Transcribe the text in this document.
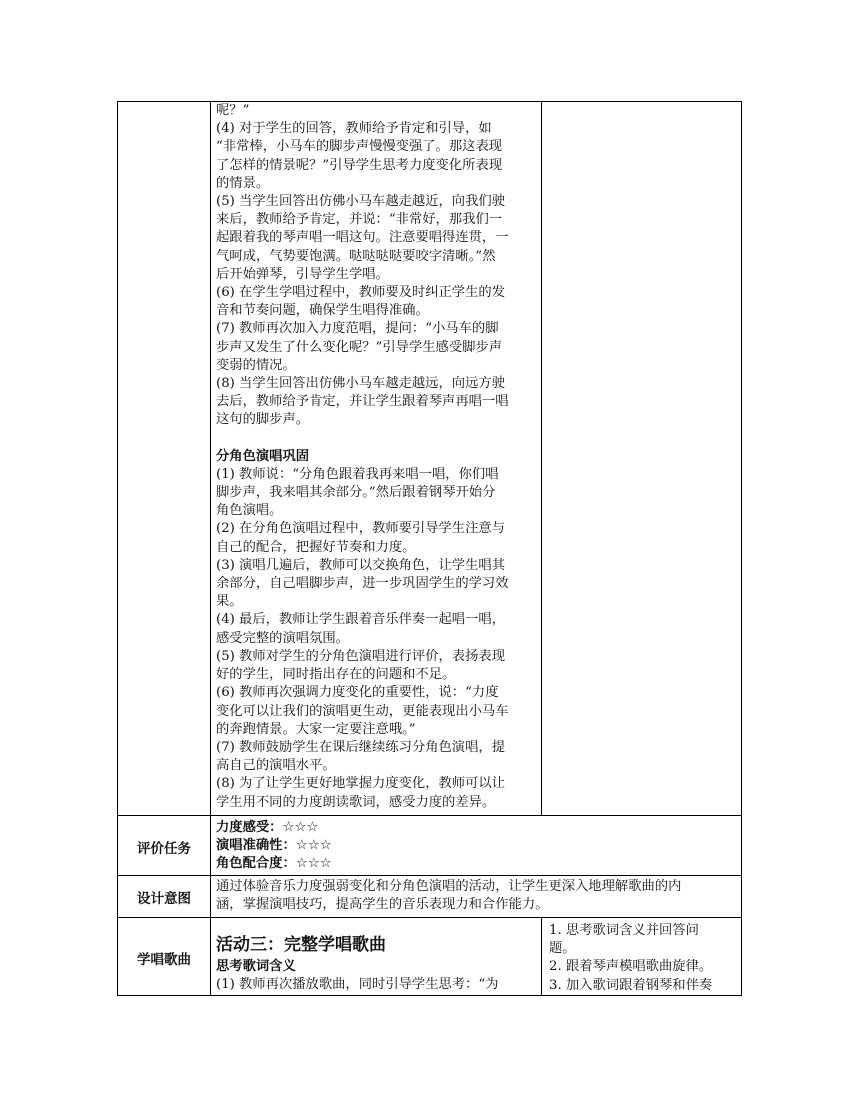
呢？”

(4) 对于学生的回答，教师给予肯定和引导，如

“非常棒，小马车的脚步声慢慢变强了。那这表现

了怎样的情景呢？”引导学生思考力度变化所表现

的情景。

(5) 当学生回答出仿佛小马车越走越近，向我们驶

来后，教师给予肯定，并说：“非常好，那我们一

起跟着我的琴声唱一唱这句。注意要唱得连贯，一

气呵成，气势要饱满。哒哒哒哒要咬字清晰。”然

后开始弹琴，引导学生学唱。

(6) 在学生学唱过程中，教师要及时纠正学生的发

音和节奏问题，确保学生唱得准确。

(7) 教师再次加入力度范唱，提问：“小马车的脚

步声又发生了什么变化呢？”引导学生感受脚步声

变弱的情况。

(8) 当学生回答出仿佛小马车越走越远，向远方驶

去后，教师给予肯定，并让学生跟着琴声再唱一唱

这句的脚步声。

分角色演唱巩固

(1) 教师说：“分角色跟着我再来唱一唱，你们唱

脚步声，我来唱其余部分。”然后跟着钢琴开始分

角色演唱。

(2) 在分角色演唱过程中，教师要引导学生注意与

自己的配合，把握好节奏和力度。

(3) 演唱几遍后，教师可以交换角色，让学生唱其

余部分，自己唱脚步声，进一步巩固学生的学习效

果。

(4) 最后，教师让学生跟着音乐伴奏一起唱一唱，

感受完整的演唱氛围。

(5) 教师对学生的分角色演唱进行评价，表扬表现

好的学生，同时指出存在的问题和不足。

(6) 教师再次强调力度变化的重要性，说：“力度

变化可以让我们的演唱更生动，更能表现出小马车

的奔跑情景。大家一定要注意哦。”

(7) 教师鼓励学生在课后继续练习分角色演唱，提

高自己的演唱水平。

(8) 为了让学生更好地掌握力度变化，教师可以让

学生用不同的力度朗读歌词，感受力度的差异。

评价任务

力度感受：☆☆☆

演唱准确性：☆☆☆

角色配合度：☆☆☆

设计意图

通过体验音乐力度强弱变化和分角色演唱的活动，让学生更深入地理解歌曲的内

涵，掌握演唱技巧，提高学生的音乐表现力和合作能力。

学唱歌曲
活动三：完整学唱歌曲

思考歌词含义

(1) 教师再次播放歌曲，同时引导学生思考：“为

1. 思考歌词含义并回答问

题。

2. 跟着琴声模唱歌曲旋律。

3. 加入歌词跟着钢琴和伴奏
